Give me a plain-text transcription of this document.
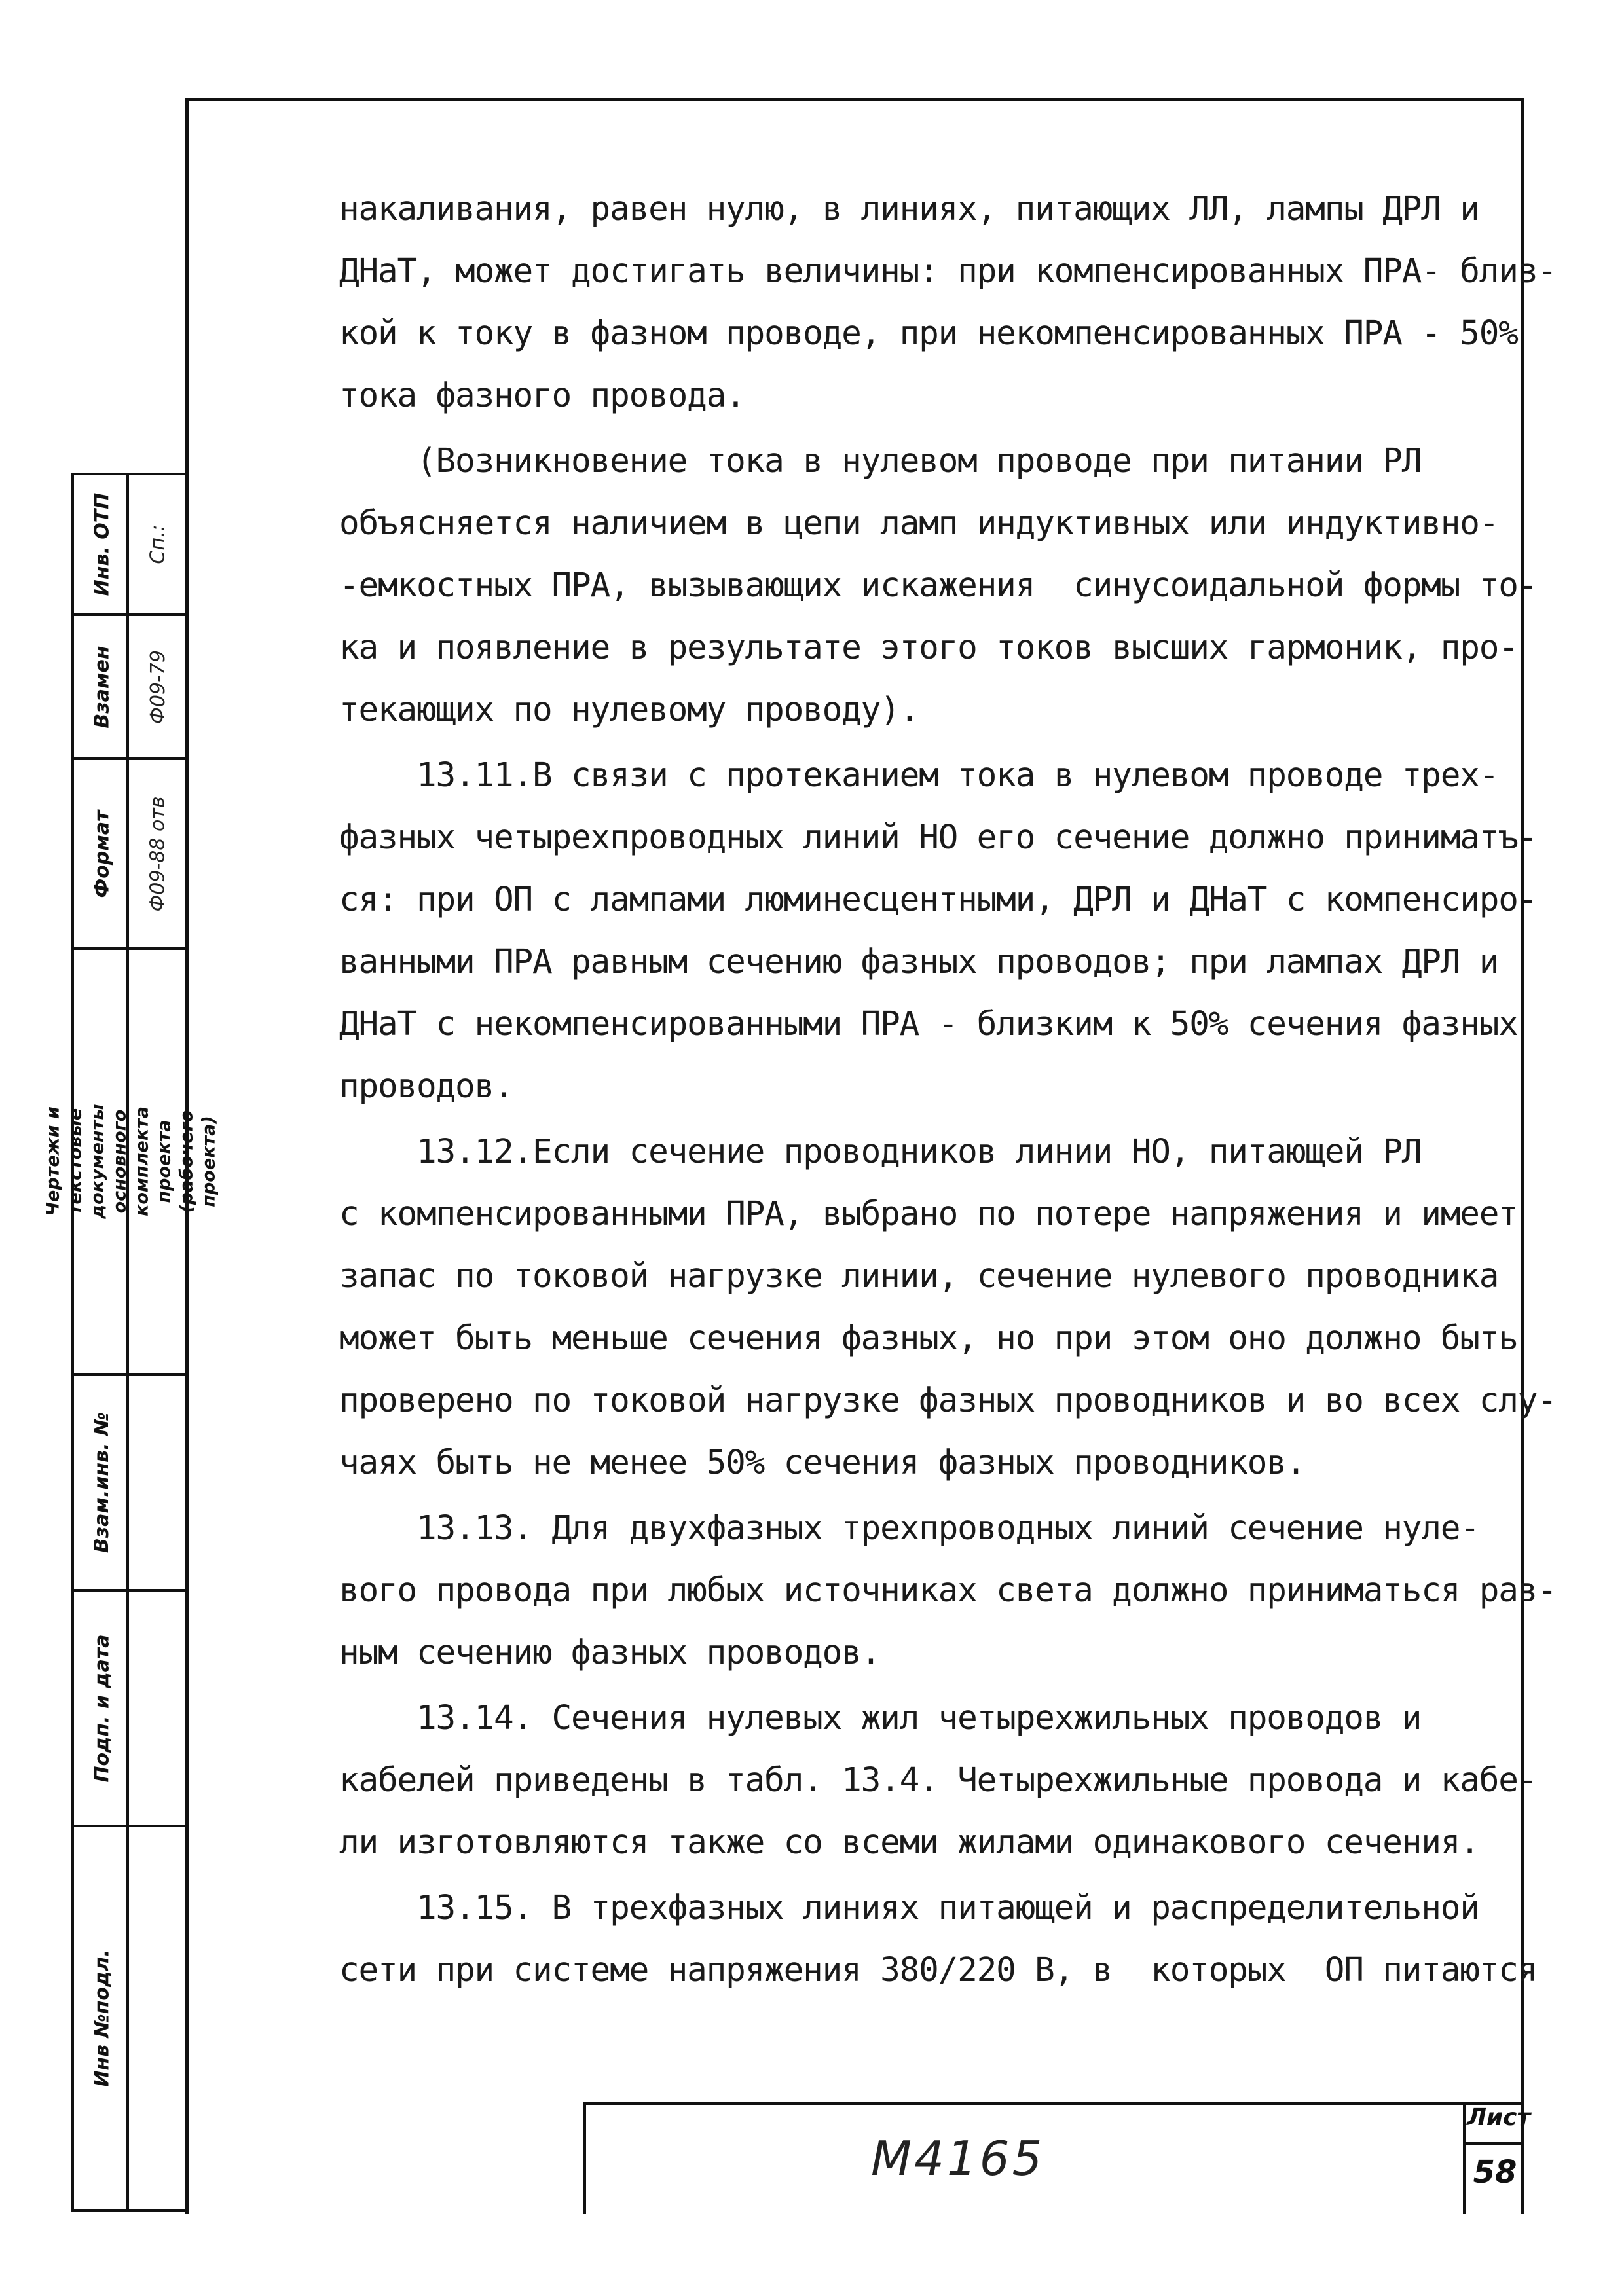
Инв. ОТП Сп.:
Взамен Ф09-79
Формат Ф09-88 отв
Чертежи и текстовые документы основного комплекта проекта (рабочего проекта)
Взам.инв. №
Подп. и дата
Инв №подл.
накаливания, равен нулю, в линиях, питающих ЛЛ, лампы ДРЛ и
ДНаТ, может достигать величины: при компенсированных ПРА- близ-
кой к току в фазном проводе, при некомпенсированных ПРА - 50%
тока фазного провода.
(Возникновение тока в нулевом проводе при питании РЛ
объясняется наличием в цепи ламп индуктивных или индуктивно-
-емкостных ПРА, вызывающих искажения  синусоидальной формы то-
ка и появление в результате этого токов высших гармоник, про-
текающих по нулевому проводу).
13.11.В связи с протеканием тока в нулевом проводе трех-
фазных четырехпроводных линий НО его сечение должно приниматъ-
ся: при ОП с лампами люминесцентными, ДРЛ и ДНаТ с компенсиро-
ванными ПРА равным сечению фазных проводов; при лампах ДРЛ и
ДНаТ с некомпенсированными ПРА - близким к 50% сечения фазных
проводов.
13.12.Если сечение проводников линии НО, питающей РЛ
с компенсированными ПРА, выбрано по потере напряжения и имеет
запас по токовой нагрузке линии, сечение нулевого проводника
может быть меньше сечения фазных, но при этом оно должно быть
проверено по токовой нагрузке фазных проводников и во всех слу-
чаях быть не менее 50% сечения фазных проводников.
13.13. Для двухфазных трехпроводных линий сечение нуле-
вого провода при любых источниках света должно приниматься рав-
ным сечению фазных проводов.
13.14. Сечения нулевых жил четырехжильных проводов и
кабелей приведены в табл. 13.4. Четырехжильные провода и кабе-
ли изготовляются также со всеми жилами одинакового сечения.
13.15. В трехфазных линиях питающей и распределительной
сети при системе напряжения 380/220 В, в  которых  ОП питаются
М4165
Лист
58
